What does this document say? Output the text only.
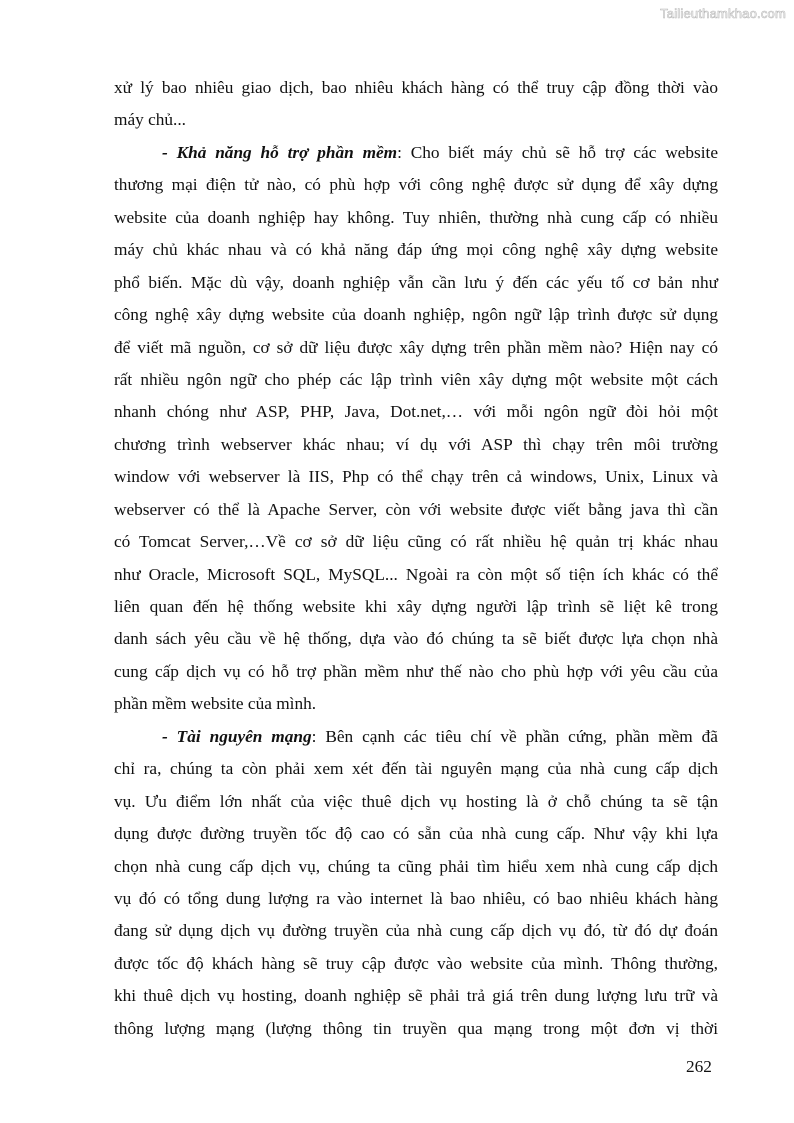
Tailieuthamkhao.com
xử lý bao nhiêu giao dịch, bao nhiêu khách hàng có thể truy cập đồng thời vào
máy chủ...
- Khả năng hỗ trợ phần mềm: Cho biết máy chủ sẽ hỗ trợ các website
thương mại điện tử nào, có phù hợp với công nghệ được sử dụng để xây dựng
website của doanh nghiệp hay không. Tuy nhiên, thường nhà cung cấp có nhiều
máy chủ khác nhau và có khả năng đáp ứng mọi công nghệ xây dựng website
phổ biến. Mặc dù vậy, doanh nghiệp vẫn cần lưu ý đến các yếu tố cơ bản như
công nghệ xây dựng website của doanh nghiệp, ngôn ngữ lập trình được sử dụng
để viết mã nguồn, cơ sở dữ liệu được xây dựng trên phần mềm nào? Hiện nay có
rất nhiều ngôn ngữ cho phép các lập trình viên xây dựng một website một cách
nhanh chóng như ASP, PHP, Java, Dot.net,… với mỗi ngôn ngữ đòi hỏi một
chương trình webserver khác nhau; ví dụ với ASP thì chạy trên môi trường
window với webserver là IIS, Php có thể chạy trên cả windows, Unix, Linux và
webserver có thể là Apache Server, còn với website được viết bằng java thì cần
có Tomcat Server,…Về cơ sở dữ liệu cũng có rất nhiều hệ quản trị khác nhau
như Oracle, Microsoft SQL, MySQL... Ngoài ra còn một số tiện ích khác có thể
liên quan đến hệ thống website khi xây dựng người lập trình sẽ liệt kê trong
danh sách yêu cầu về hệ thống, dựa vào đó chúng ta sẽ biết được lựa chọn nhà
cung cấp dịch vụ có hỗ trợ phần mềm như thế nào cho phù hợp với yêu cầu của
phần mềm website của mình.
- Tài nguyên mạng: Bên cạnh các tiêu chí về phần cứng, phần mềm đã
chỉ ra, chúng ta còn phải xem xét đến tài nguyên mạng của nhà cung cấp dịch
vụ. Ưu điểm lớn nhất của việc thuê dịch vụ hosting là ở chỗ chúng ta sẽ tận
dụng được đường truyền tốc độ cao có sẵn của nhà cung cấp. Như vậy khi lựa
chọn nhà cung cấp dịch vụ, chúng ta cũng phải tìm hiểu xem nhà cung cấp dịch
vụ đó có tổng dung lượng ra vào internet là bao nhiêu, có bao nhiêu khách hàng
đang sử dụng dịch vụ đường truyền của nhà cung cấp dịch vụ đó, từ đó dự đoán
được tốc độ khách hàng sẽ truy cập được vào website của mình. Thông thường,
khi thuê dịch vụ hosting, doanh nghiệp sẽ phải trả giá trên dung lượng lưu trữ và
thông lượng mạng (lượng thông tin truyền qua mạng trong một đơn vị thời
262
